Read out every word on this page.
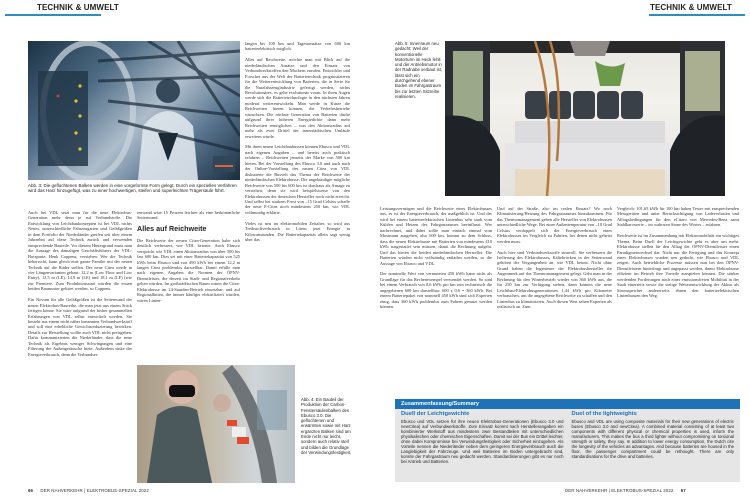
TECHNIK & UMWELT
Abb. 3: Die geflochtenen Balken werden in eine vorgeformte Form gelegt. Durch ein spezielles Verfahren wird das Harz hinzugefügt, was zu einer hochwertigen, steifen und superleichten Trägersäule führt.

Auch bei VDL setzt man für die neue Elektrobus-Generation mehr denn je auf Verbundstoffe. Die Entwicklung von Leichtbaukonzepten ist bei VDL nichts Neues, unterschiedliche Fahrzeugarten und Gefäßgrößen in dem Portfolio der Niederländer greifen seit über einem Jahrzehnt auf diese Technik zurück und verwenden entsprechende Bauteile. Vor diesem Hintergrund muss man die Aussage des damaligen Geschäftsführers der VDL-Bussparte, Henk Coppens, verstehen: Wer die Technik beherrscht, kann gleich eine ganze Familie mit der neuen Technik auf die Räder stellen. Der neue Citea werde in vier Längenvarianten gebaut: 12,2 m (Low Floor und Low Entry), 13,5 m (LE), 14,9 m (LE) und 18,1 m (LF) (wie zur Premiere. Zum Produktionsstart würden die ersten beiden Baumuster gelistet werden, so Coppens.

Ein Novum für alle Gefäßgrößen ist die Seitenwand der neuen Elektrobus-Baureihe, die man jetzt aus einem Stück fertigen könne. Sie wäre aufgrund der bisher gesammelten Erfahrungen von VDL selbst entwickelt worden. Sie besteht aus einem nicht näher benannten Verbundwerkstoff und soll eine erhebliche Gewichtsreduzierung bewirken. Details zur Herstellung wollte auch VDL nicht preisgeben. Dafür kommunizierten die Niederländer, dass die neue Technik als Ergebnis weniger Schwingungen und eine Filterung der Außengeräusche biete. Außerdem sinke der Energieverbrauch, denn die Verbundsei-

tenwand wäre 15 Prozent leichter als eine herkömmliche Seitenwand.

Alles auf Reichweite

Die Reichweite der neuen Citea-Generation habe sich deutlich verbessert, wie VDL betonte. Auch Ebusco verspricht wie VDL einen Aktionsradius von über 500 bis fast 600 km. Dies sei mit einer Batteriekapazität von 525 kWh beim Ebusco und von 490 kWh bei einem 12,2 m langen Citea problemlos darstellbar. Damit erfülle man nach eigenen Angaben die Normen der ÖPNV-Dienstleister, die derzeit im Stadt- und Regionalverkehr gelten würden. Im großstädtischen Raum wären die Citea-Elektrobusse im 24-Stunden-Betrieb einsetzbar, und auf Regionallinien, die immer häufiger elektrifiziert würden, wären Linien-

längen bis 100 km und Tagesumsätze von 600 km batterieelektrisch möglich.

Alles auf Reichweite, möchte man mit Blick auf die niederländischen Ansätze und den Einsatz von Verbundwerkstoffen den Machern zurufen. Entwickler und Forscher aus der Welt der Batterietechnik prognostizieren für die Weiterentwicklung von Batterien, die in Serie für die Nutzfahrzeugindustrie gefertigt werden, nichts Revolutionäres, es gehe evolutionär voran. In ihren Augen werde sich die Batterietechnologie in den nächsten Jahren moderat weiterentwickeln. Man werde in Kürze die Reichweiten bieten können, die Verkehrsbetriebe wünschten. Die nächste Generation von Batterien dürfte aufgrund ihrer höheren Energiedichte dann mehr Reichweiten ermöglichen – was den Aktionsradius auf mehr als zwei Drittel der innerstädtischen Umläufe erweitern würde.

Mit ihren neuen Leichtbaubussen können Ebusco und VDL nach eigenen Angaben – und bereits auch praktisch erfahren – Reichweiten jenseits der Marke von 500 km bieten. Bei der Vorstellung des Ebusco 3.0 und auch nach der Online-Vorstellung des neuen Citea von VDL diskutierte die Busvelt das Thema der Reichweite der niederländischen Elektrobusse. Die angekündigte mögliche Reichweite von 500 bis 600 km ist durchaus als Ansage zu verstehen, denn sie wird beispielsweise von den Elektrobussen der deutschen Hersteller noch nicht erreicht. Und selbst bei starkem Frost von –15 Grad Celsius schaffe der neue E-Citea noch mindestens 250 km, wie VDL vollmundig erklärte.

Vieles ist neu im elektromobilen Zeitalter, so wird aus Treibstoffverbrauch in Litern jetzt Energie in Kilowattstunden. Die Batteriekapazität allein sagt wenig über das

Abb. 4: Ein Bauteil der Produktion der Carbon-Fenstersäulenbalken des Ebusco 3.0. Die geflochtenen und erwärmten sowie mit Harz ergänzten Balken sind am Ende nicht nur leicht, sondern auch relativ steif und bilden die Grundlage der Verwindungsfestigkeit.
66 DER NAHVERKEHR | ELEKTROBUS-SPEZIAL 2022
TECHNIK & UMWELT
Abb. 5: Innenraum neu gedacht: Weil der konventionelle Motorturm im Heck fehlt und der Antriebsmotor in der Radnabe verbaut ist, lässt sich ein durchgehend ebener Boden im Fahrgastraum bis zur letzten Sitzreihe realisieren.

Leistungsvermögen und die Reichweite eines Elektrobusses aus, es ist der Energieverbrauch, der maßgeblich ist. Und der wird bei einem batterieelektrischen Linienbus sehr stark vom Kühlen und Heizen des Fahrgastraumes beeinflusst. Wer nachrechnet, und dabei sollte man einfach einmal vom Maximum ausgehen, also 600 km, kommt zu dem Schluss, dass die neuen Elektrobusse mit Batterien von mindestens 410 kWh ausgestattet sein müssen, damit die Rechnung aufgeht. Und das bieten die beiden niederländischen Hersteller. Die Batterien würden nicht vollständig entladen werden, so die Aussage von Ebusco und VDL.

Der nominelle Wert von vermuteten 450 kWh kann nicht als Grundlage für das Rechenexempel verwendet werden. So sind bei einem Verbrauch von 0,6 kWh pro km rein rechnerisch die angegebenen 600 km darstellbar: 600 x 0,6 = 360 kWh. Bei einem Batteriepaket von nominell 450 kWh sind sich Experten einig, dass 360 kWh problemlos zum Fahren genutzt werden können.

Und auf der Straße, also im realen Einsatz? Wo noch Klimatisierung/Heizung des Fahrgastraumes hinzukommen. Für das Thermomanagement geben alle Hersteller von Elektrobussen unterschiedliche Wege. Bei einer Außentemperatur von –10 Grad Celsius verdoppelt sich der Energieverbrauch eines Elektrobusses im Vergleich zu Fahrten, bei denen nicht geheizt werden muss.

Auch hier sind Verbundwerkstoffe sinnvoll. Sie verbessern die Isolierung des Elektrobusses, Kältebrücken in der Seitenwand gehören der Vergangenheit an, wie VDL betont. Nicht ohne Grund haben die Ingenieure der Elektrobushersteller ihr Augenmerk auf das Thermomanagement gelegt. Geht man in der Rechnung für den Winterbetrieb wieder von 360 kWh aus, die für 250 km zur Verfügung stehen, dann können die neue Leichtbau-Elektrobusgenerationen 1,44 kWh pro Kilometer verbrauchen, um die angegebene Reichweite zu schaffen und den Linienbus zu klimatisieren. Auch diesen Wert sehen Experten als realistisch an. Zum

Vergleich: 101,65 kWh für 100 km haben Tester mit entsprechenden Messgeräten und unter Berücksichtigung von Ladeverlusten und Alltagsbedingungen für den eCitaro von Mercedes-Benz samt Stahlkarosserie – im wahrsten Sinne des Wortes – erfahren.

Reichweite ist im Zusammenhang mit Elektromobilität ein wichtiges Thema. Beim Duell der Leichtgewichte geht es aber um mehr. Elektrobusse stellen für den Alltag der ÖPNV-Dienstleister einen Paradigmenwechsel dar. Nicht nur die Fertigung und das Konzept eines Elektrobusses wurden neu gedacht, wie Ebusco und VDL zeigen. Auch betriebliche Prozesse müssen nun bei den ÖPNV-Dienstleistern hinterfragt und angepasst werden, damit Elektrobusse effizient im Betrieb ihre Vorteile ausspielen können. Die stärker werdenden Forderungen nach einer emissionsfreien Mobilität in der Stadt einerseits sowie die stetige Weiterentwicklung der Akkus als Stromspeicher andererseits ebnen den batterieelektrischen Linienbussen den Weg.

Zusammenfassung/Summary
Duell der Leichtgewichte
Ebusco und VDL setzen für ihre neuen Elektrobus-Generationen (Ebusco 3.0 und newCitea) auf Verbundwerkstoffe. Zum Einsatz kommt nach Herstellerangaben ein kombinierter Werkstoff aus mindestens zwei Bestandteilen mit unterschiedlichen physikalischen oder chemischen Eigenschaften. Damit sei der Bus ein Drittel leichter, ohne dabei Kompromisse bei Verwindungsfestigkeit oder Sicherheit einzugehen. Als Vorteile nennen die Niederländer neben dem geringeren Energieverbrauch auch die Langlebigkeit der Fahrzeuge. Und weil Batterien im Boden untergebracht sind, konnte der Fahrgastraum neu gedacht werden. Standardisierungen gibt es nur noch bei Antrieb und Batterien.
Duel of the lightweights
Ebusco and VDL are using composite materials for their new generations of electric buses (Ebusco 3.0 and newCitea). A combined material consisting of at least two components with different physical or chemical properties is used, inform the manufacturers. This makes the bus a third lighter without compromising on torsional strength or safety, they say. In addition to lower energy consumption, the Dutch cite the longevity of the vehicles as advantages. And because batteries are housed in the floor, the passenger compartment could be rethought. There are only standardisations for the drive and batteries.
DER NAHVERKEHR | ELEKTROBUS-SPEZIAL 2022 67
